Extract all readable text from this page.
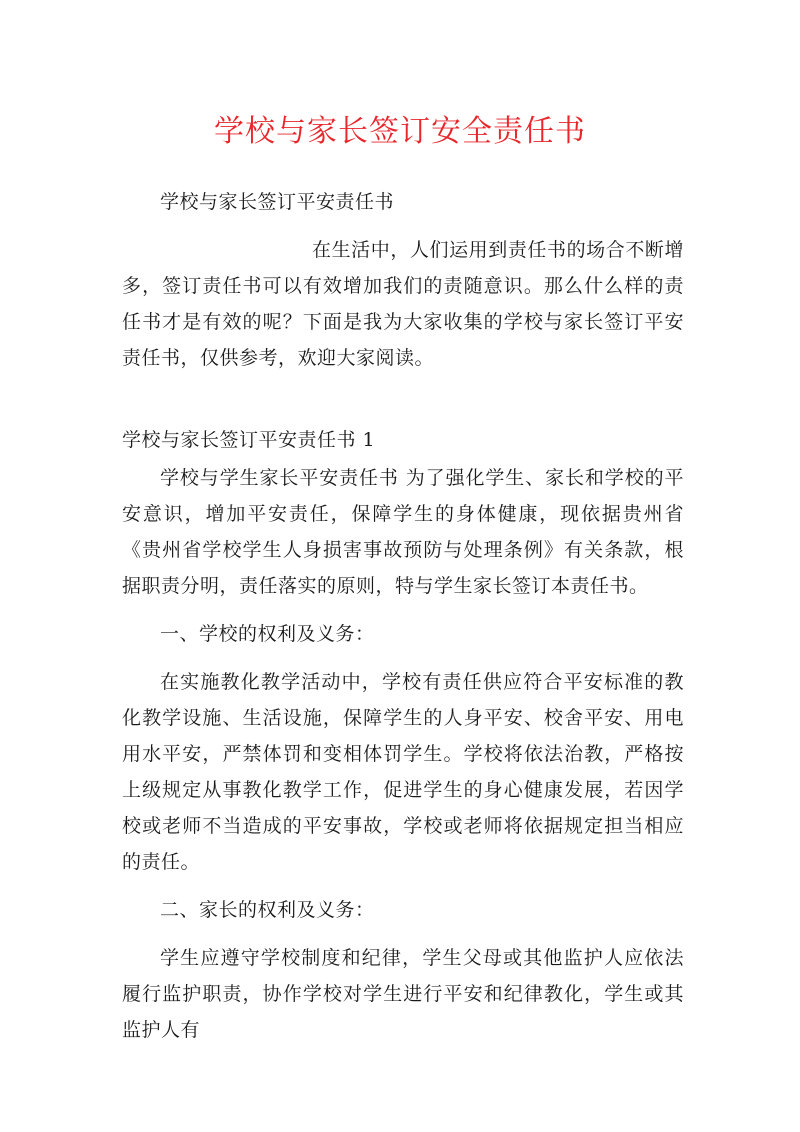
学校与家长签订安全责任书

学校与家长签订平安责任书

在生活中，人们运用到责任书的场合不断增多，签订责任书可以有效增加我们的责随意识。那么什么样的责任书才是有效的呢？下面是我为大家收集的学校与家长签订平安责任书，仅供参考，欢迎大家阅读。

学校与家长签订平安责任书 1

学校与学生家长平安责任书 为了强化学生、家长和学校的平安意识，增加平安责任，保障学生的身体健康，现依据贵州省《贵州省学校学生人身损害事故预防与处理条例》有关条款，根据职责分明，责任落实的原则，特与学生家长签订本责任书。

一、学校的权利及义务：

在实施教化教学活动中，学校有责任供应符合平安标准的教化教学设施、生活设施，保障学生的人身平安、校舍平安、用电用水平安，严禁体罚和变相体罚学生。学校将依法治教，严格按上级规定从事教化教学工作，促进学生的身心健康发展，若因学校或老师不当造成的平安事故，学校或老师将依据规定担当相应的责任。

二、家长的权利及义务：

学生应遵守学校制度和纪律，学生父母或其他监护人应依法履行监护职责，协作学校对学生进行平安和纪律教化，学生或其监护人有
